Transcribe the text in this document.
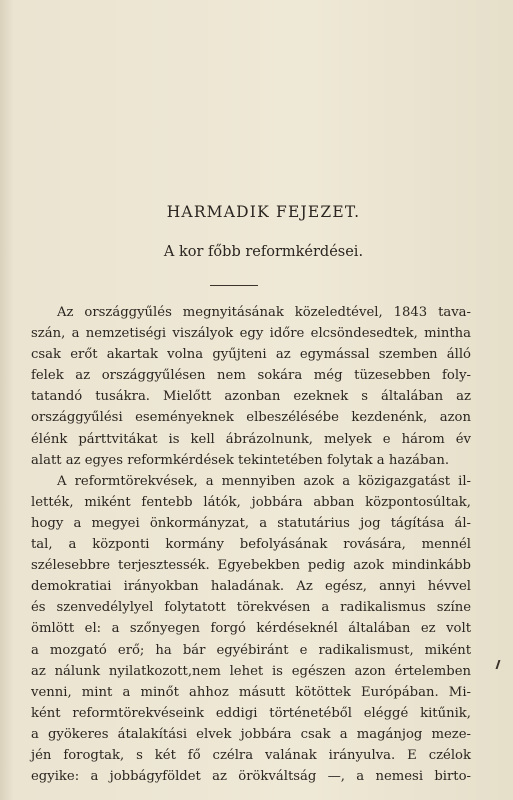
HARMADIK FEJEZET.
A kor főbb reformkérdései.
Az országgyűlés megnyitásának közeledtével, 1843 tava-
szán, a nemzetiségi viszályok egy időre elcsöndesedtek, mintha
csak erőt akartak volna gyűjteni az egymással szemben álló
felek az országgyűlésen nem sokára még tüzesebben foly-
tatandó tusákra. Mielőtt azonban ezeknek s általában az
országgyűlési eseményeknek elbeszélésébe kezdenénk, azon
élénk párttvitákat is kell ábrázolnunk, melyek e három év
alatt az egyes reformkérdések tekintetében folytak a hazában.
A reformtörekvések, a mennyiben azok a közigazgatást il-
lették, miként fentebb látók, jobbára abban központosúltak,
hogy a megyei önkormányzat, a statutárius jog tágítása ál-
tal, a központi kormány befolyásának rovására, mennél
szélesebbre terjesztessék. Egyebekben pedig azok mindinkább
demokratiai irányokban haladának. Az egész, annyi hévvel
és szenvedélylyel folytatott törekvésen a radikalismus színe
ömlött el: a szőnyegen forgó kérdéseknél általában ez volt
a mozgató erő; ha bár egyébiránt e radikalismust, miként
az nálunk nyilatkozott,nem lehet is egészen azon értelemben
venni, mint a minőt ahhoz másutt kötöttek Európában. Mi-
ként reformtörekvéseink eddigi történetéből eléggé kitűnik,
a gyökeres átalakítási elvek jobbára csak a magánjog meze-
jén forogtak, s két fő czélra valának irányulva. E czélok
egyike: a jobbágyföldet az örökváltság —, a nemesi birto-
